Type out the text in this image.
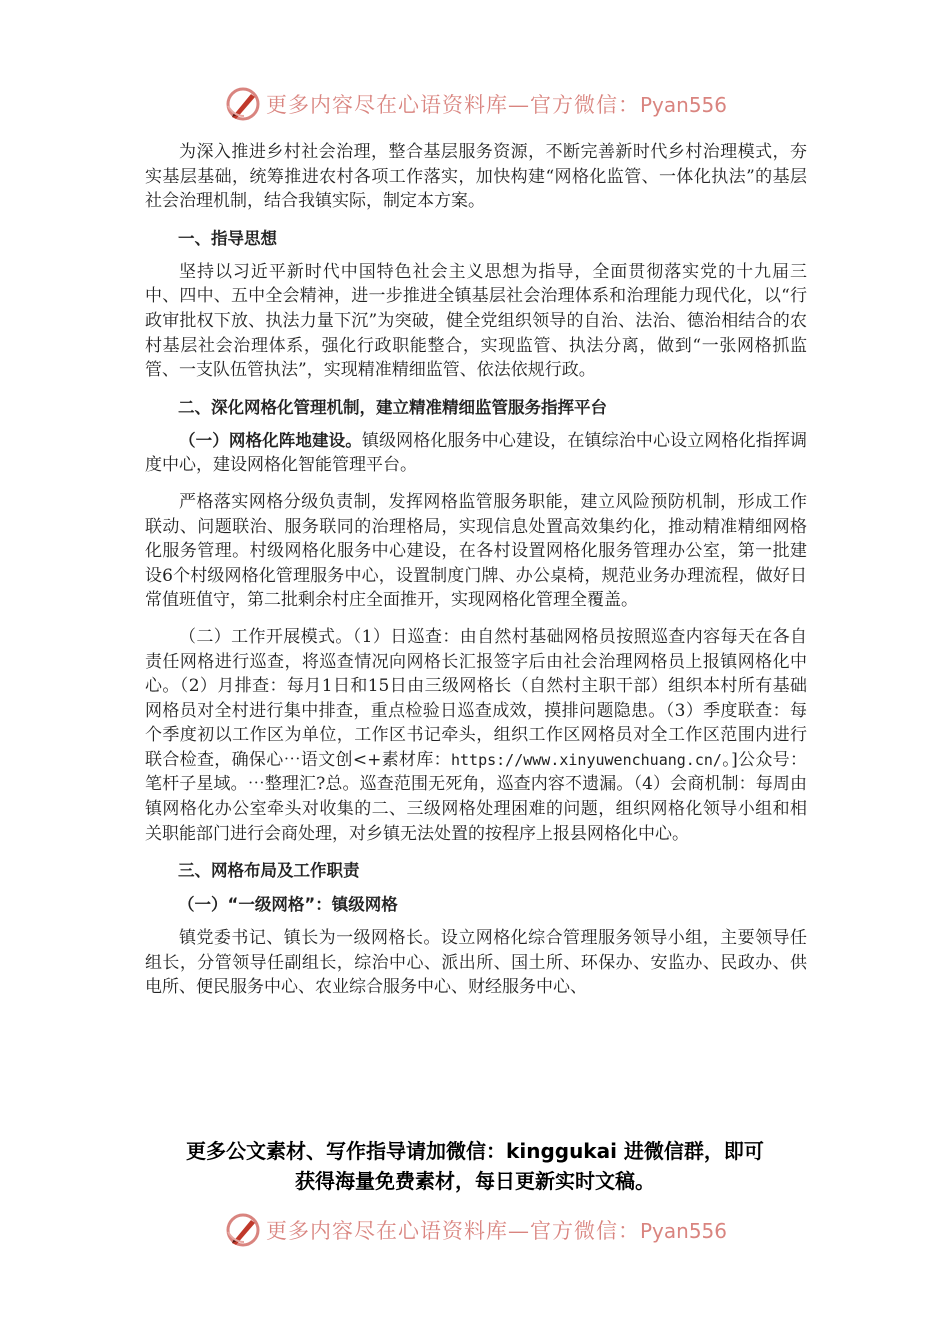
更多内容尽在心语资料库—官方微信：Pyan556

为深入推进乡村社会治理，整合基层服务资源，不断完善新时代乡村治理模式，夯实基层基础，统筹推进农村各项工作落实，加快构建“网格化监管、一体化执法”的基层社会治理机制，结合我镇实际，制定本方案。

一、指导思想

坚持以习近平新时代中国特色社会主义思想为指导，全面贯彻落实党的十九届三中、四中、五中全会精神，进一步推进全镇基层社会治理体系和治理能力现代化，以“行政审批权下放、执法力量下沉”为突破，健全党组织领导的自治、法治、德治相结合的农村基层社会治理体系，强化行政职能整合，实现监管、执法分离，做到“一张网格抓监管、一支队伍管执法”，实现精准精细监管、依法依规行政。

二、深化网格化管理机制，建立精准精细监管服务指挥平台

（一）网格化阵地建设。镇级网格化服务中心建设，在镇综治中心设立网格化指挥调度中心，建设网格化智能管理平台。

严格落实网格分级负责制，发挥网格监管服务职能，建立风险预防机制，形成工作联动、问题联治、服务联同的治理格局，实现信息处置高效集约化，推动精准精细网格化服务管理。村级网格化服务中心建设，在各村设置网格化服务管理办公室，第一批建设6个村级网格化管理服务中心，设置制度门牌、办公桌椅，规范业务办理流程，做好日常值班值守，第二批剩余村庄全面推开，实现网格化管理全覆盖。

（二）工作开展模式。（1）日巡查：由自然村基础网格员按照巡查内容每天在各自责任网格进行巡查，将巡查情况向网格长汇报签字后由社会治理网格员上报镇网格化中心。（2）月排查：每月1日和15日由三级网格长（自然村主职干部）组织本村所有基础网格员对全村进行集中排查，重点检验日巡查成效，摸排问题隐患。（3）季度联查：每个季度初以工作区为单位，工作区书记牵头，组织工作区网格员对全工作区范围内进行联合检查，确保心⋯语文创<+素材库：https://www.xinyuwenchuang.cn/。]公众号：笔杆子星域。⋯整理汇?总。巡查范围无死角，巡查内容不遗漏。（4）会商机制：每周由镇网格化办公室牵头对收集的二、三级网格处理困难的问题，组织网格化领导小组和相关职能部门进行会商处理，对乡镇无法处置的按程序上报县网格化中心。

三、网格布局及工作职责

（一）“一级网格”：镇级网格

镇党委书记、镇长为一级网格长。设立网格化综合管理服务领导小组，主要领导任组长，分管领导任副组长，综治中心、派出所、国土所、环保办、安监办、民政办、供电所、便民服务中心、农业综合服务中心、财经服务中心、

更多公文素材、写作指导请加微信：kinggukai 进微信群，即可
获得海量免费素材，每日更新实时文稿。
更多内容尽在心语资料库—官方微信：Pyan556
